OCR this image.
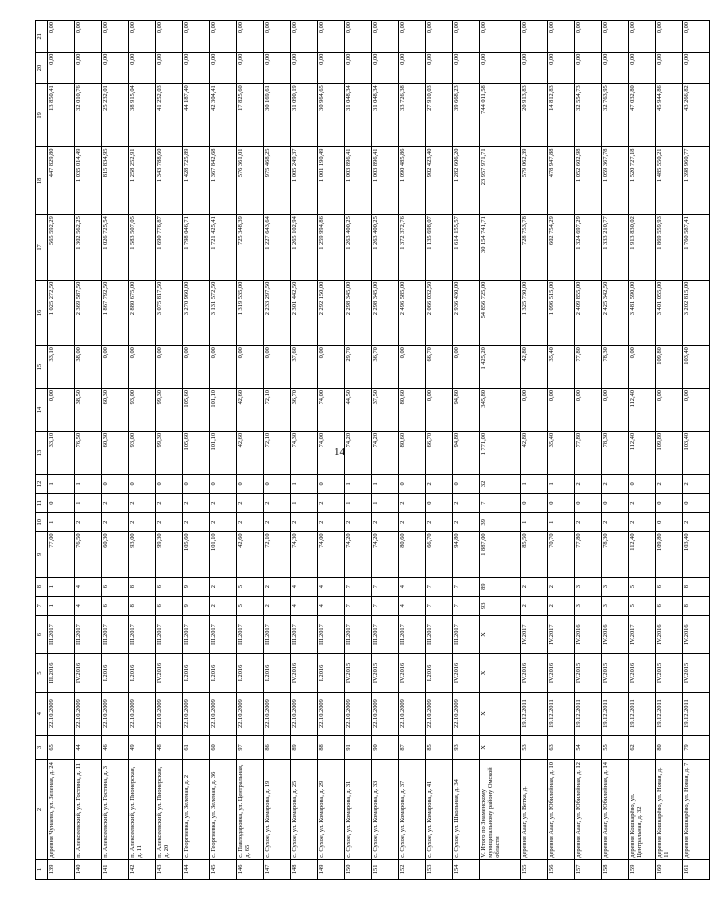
14
1	2	3	4	5	6	7	8	9	10	11	12	13	14	15	16	17	18	19	20	21
139	деревня Чунаево, ул. Зеленая, д. 24	65	22.10.2009	III.2016	III.2017	1	1	77,00	1	0	1	33,10	0,00	33,10	1 025 272,50	565 592,29	447 829,80	13 850,41	0,00	0,00
140	п. Алексеевский, ул. Гостина, д. 11	44	22.10.2009	IV.2016	III.2017	4	4	76,50	2	1	1	76,50	38,50	38,00	2 369 587,50	1 302 562,25	1 035 014,49	32 010,76	0,00	0,00
141	п. Алексеевский, ул. Гостина, д. 3	46	22.10.2009	I.2016	III.2017	6	6	60,30	2	2	0	60,30	60,30	0,00	1 867 792,50	1 026 725,54	815 834,95	25 232,01	0,00	0,00
142	п. Алексеевский, ул. Пионерская, д. 11	49	22.10.2009	I.2016	III.2017	8	8	93,00	2	2	0	93,00	93,00	0,00	2 880 675,00	1 583 507,05	1 258 252,91	38 915,04	0,00	0,00
143	п. Алексеевский, ул. Пионерская, д. 20	48	22.10.2009	IV.2016	III.2017	6	6	99,30	2	2	0	99,30	99,30	0,00	3 075 817,50	1 690 776,87	1 343 788,60	41 252,03	0,00	0,00
144	с. Георгиевка, ул. Зеленая, д. 2	61	22.10.2009	I.2016	III.2017	9	9	105,60	2	2	0	105,60	105,60	0,00	3 270 960,00	1 798 046,71	1 428 725,89	44 187,40	0,00	0,00
145	с. Георгиевка, ул. Зеленая, д. 36	60	22.10.2009	I.2016	III.2017	2	2	101,10	2	2	0	101,10	101,10	0,00	3 131 572,50	1 721 425,41	1 367 842,68	42 304,41	0,00	0,00
146	с. Павлодаровка, ул. Центральная, д. 65	97	22.10.2009	I.2016	III.2017	5	5	42,60	2	2	0	42,60	42,60	0,00	1 319 535,00	725 348,39	576 361,01	17 825,60	0,00	0,00
147	с. Сухое, ул. Комарова, д. 19	86	22.10.2009	I.2016	III.2017	2	2	72,10	2	2	0	72,10	72,10	0,00	2 233 297,50	1 227 643,64	975 468,25	30 169,61	0,00	0,00
148	с. Сухое, ул. Комарова, д. 25	89	22.10.2009	IV.2016	III.2017	4	4	74,30	2	1	1	74,30	36,70	37,60	2 301 442,50	1 265 102,94	1 005 249,37	31 090,19	0,00	0,00
149	с. Сухое, ул. Комарова, д. 29	88	22.10.2009	I.2016	III.2017	4	4	74,00	2	2	0	74,00	74,00	0,00	2 292 150,00	1 259 994,86	1 001 190,49	30 964,65	0,00	0,00
150	с. Сухое, ул. Комарова, д. 31	91	22.10.2009	IV.2015	III.2017	7	7	74,20	2	1	1	74,20	44,50	29,70	2 298 345,00	1 263 400,25	1 003 896,41	31 048,34	0,00	0,00
151	с. Сухое, ул. Комарова, д. 33	90	22.10.2009	IV.2015	III.2017	7	7	74,20	2	1	1	74,20	37,50	36,70	2 298 345,00	1 263 400,25	1 003 896,41	31 048,34	0,00	0,00
152	с. Сухое, ул. Комарова, д. 37	87	22.10.2009	IV.2016	III.2017	4	4	80,60	2	2	0	80,60	80,60	0,00	2 496 585,00	1 372 372,76	1 090 485,86	33 726,38	0,00	0,00
153	с. Сухое, ул. Комарова, д. 41	85	22.10.2009	I.2016	III.2017	7	7	66,70	2	0	2	66,70	0,00	66,70	2 066 032,50	1 135 698,07	902 423,40	27 910,03	0,00	0,00
154	с. Сухое, ул. Школьная, д. 34	93	22.10.2009	IV.2016	III.2017	7	7	94,80	2	2	0	94,80	94,80	0,00	2 936 430,00	1 614 155,57	1 282 606,20	39 668,23	0,00	0,00
	V. Итого по Знаменскому муниципальному району Омской области	X	X	X	X	93	89	1 887,00	39	7	32	1 771,00	345,80	1 425,20	54 856 725,00	30 154 741,71	23 957 971,71	744 011,58	0,00	0,00
155	деревня Аааг, ул. Ветка, д.	53	19.12.2011	IV.2016	IV.2017	2	2	85,50	1	0	1	42,80	0,00	42,80	1 325 730,00	728 753,78	579 062,39	20 913,83	0,00	0,00
156	деревня Аааг, ул. Юбилейная, д. 10	63	19.12.2011	IV.2016	IV.2017	2	2	70,70	1	0	1	35,40	0,00	35,40	1 096 515,00	602 754,29	478 947,88	14 812,83	0,00	0,00
157	деревня Аааг, ул. Юбилейная, д. 12	54	19.12.2011	IV.2015	IV.2016	3	3	77,80	2	0	2	77,80	0,00	77,80	2 409 855,00	1 324 697,29	1 052 602,98	32 554,73	0,00	0,00
158	деревня Аааг, ул. Юбилейная, д. 14	55	19.12.2011	IV.2015	IV.2016	3	3	78,30	2	0	2	78,30	0,00	78,30	2 425 342,50	1 333 210,77	1 059 367,78	32 763,95	0,00	0,00
159	деревня Кошкарёво, ул. Центральная, д. 32	62	19.12.2011	IV.2016	IV.2017	5	5	112,40	2	2	0	112,40	112,40	0,00	3 481 590,00	1 913 830,02	1 520 727,18	47 032,80	0,00	0,00
160	деревня Кошкарёво, ул. Новая, д. 11	80	19.12.2011	IV.2015	IV.2016	6	6	109,80	0	0	2	109,80	0,00	109,80	3 401 055,00	1 869 559,93	1 485 550,21	45 944,86	0,00	0,00
161	деревня Кошкарёво, ул. Новая, д. 7	79	19.12.2011	IV.2015	IV.2016	8	8	103,40	2	0	2	103,40	0,00	103,40	3 202 815,00	1 760 587,41	1 398 960,77	43 266,82	0,00	0,00
